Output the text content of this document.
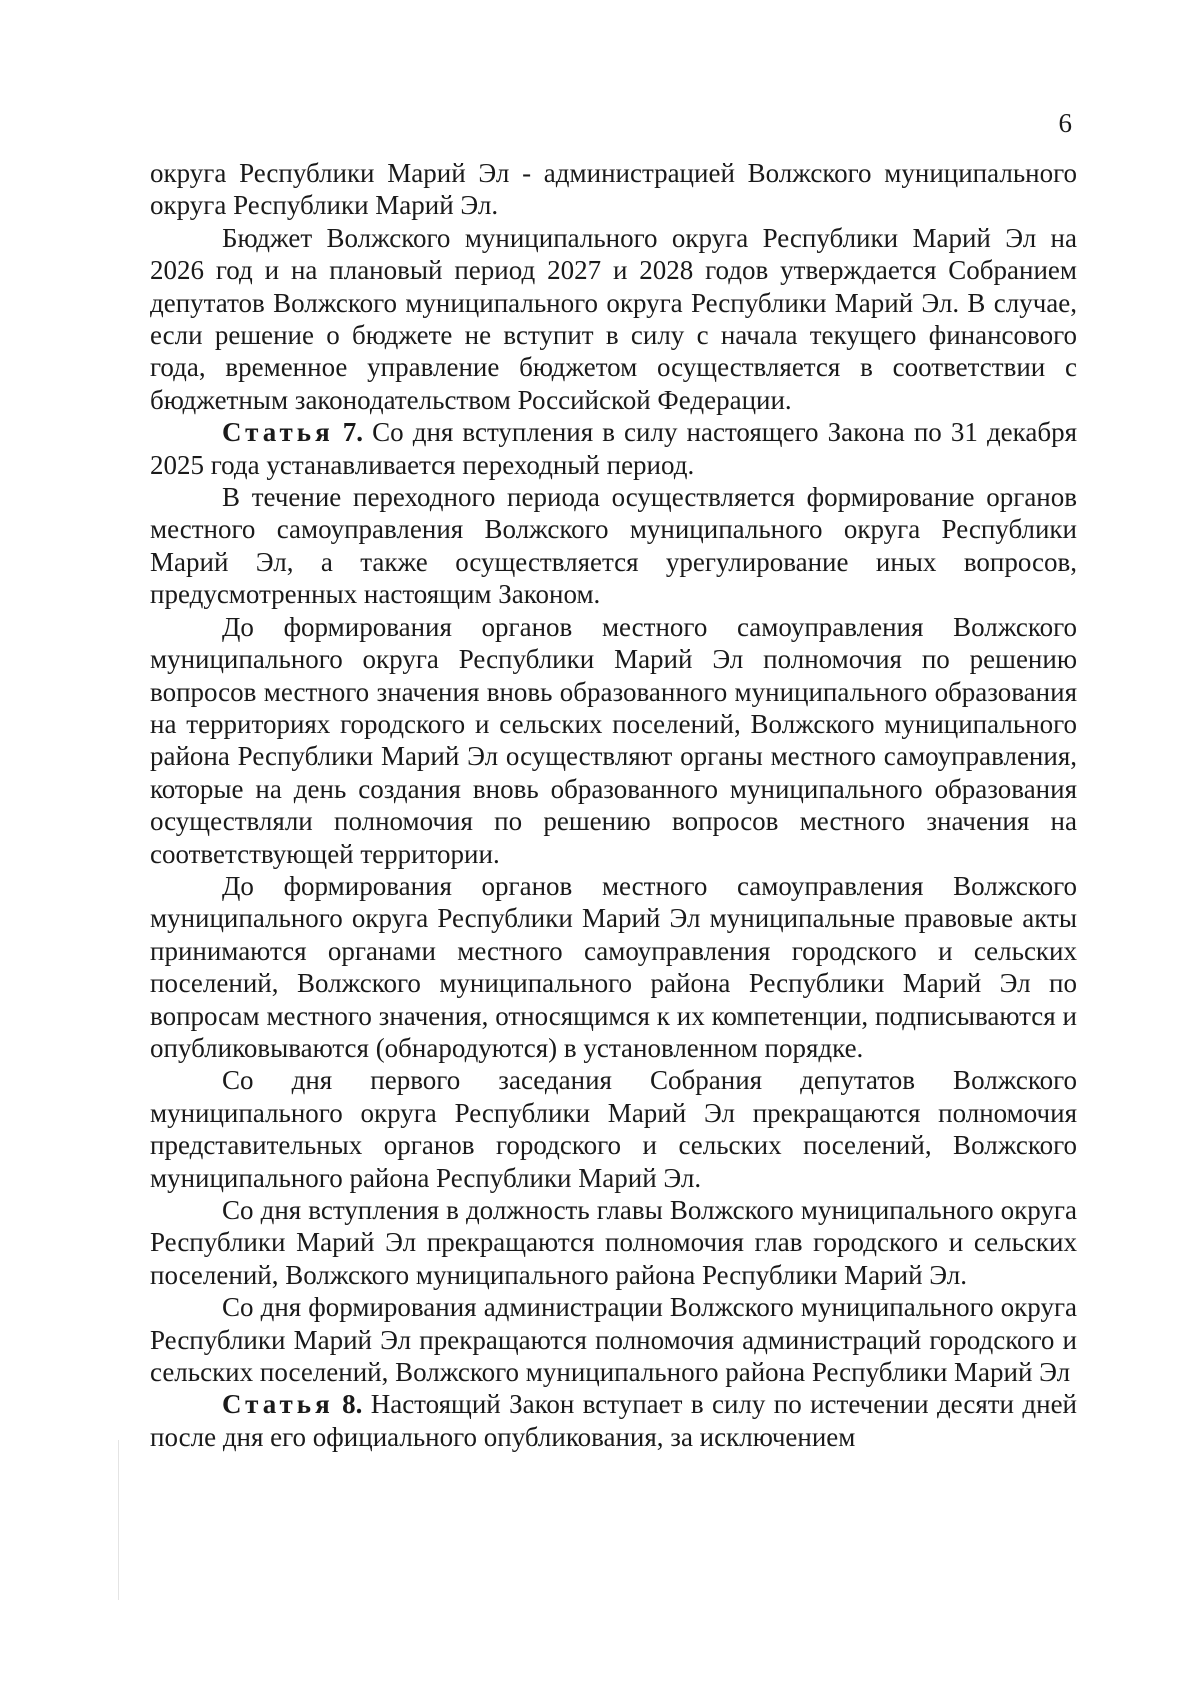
6

округа Республики Марий Эл - администрацией Волжского муниципального округа Республики Марий Эл.

Бюджет Волжского муниципального округа Республики Марий Эл на 2026 год и на плановый период 2027 и 2028 годов утверждается Собранием депутатов Волжского муниципального округа Республики Марий Эл. В случае, если решение о бюджете не вступит в силу с начала текущего финансового года, временное управление бюджетом осуществляется в соответствии с бюджетным законодательством Российской Федерации.

Статья 7. Со дня вступления в силу настоящего Закона по 31 декабря 2025 года устанавливается переходный период.

В течение переходного периода осуществляется формирование органов местного самоуправления Волжского муниципального округа Республики Марий Эл, а также осуществляется урегулирование иных вопросов, предусмотренных настоящим Законом.

До формирования органов местного самоуправления Волжского муниципального округа Республики Марий Эл полномочия по решению вопросов местного значения вновь образованного муниципального образования на территориях городского и сельских поселений, Волжского муниципального района Республики Марий Эл осуществляют органы местного самоуправления, которые на день создания вновь образованного муниципального образования осуществляли полномочия по решению вопросов местного значения на соответствующей территории.

До формирования органов местного самоуправления Волжского муниципального округа Республики Марий Эл муниципальные правовые акты принимаются органами местного самоуправления городского и сельских поселений, Волжского муниципального района Республики Марий Эл по вопросам местного значения, относящимся к их компетенции, подписываются и опубликовываются (обнародуются) в установленном порядке.

Со дня первого заседания Собрания депутатов Волжского муниципального округа Республики Марий Эл прекращаются полномочия представительных органов городского и сельских поселений, Волжского муниципального района Республики Марий Эл.

Со дня вступления в должность главы Волжского муниципального округа Республики Марий Эл прекращаются полномочия глав городского и сельских поселений, Волжского муниципального района Республики Марий Эл.

Со дня формирования администрации Волжского муниципального округа Республики Марий Эл прекращаются полномочия администраций городского и сельских поселений, Волжского муниципального района Республики Марий Эл

Статья 8. Настоящий Закон вступает в силу по истечении десяти дней после дня его официального опубликования, за исключением
